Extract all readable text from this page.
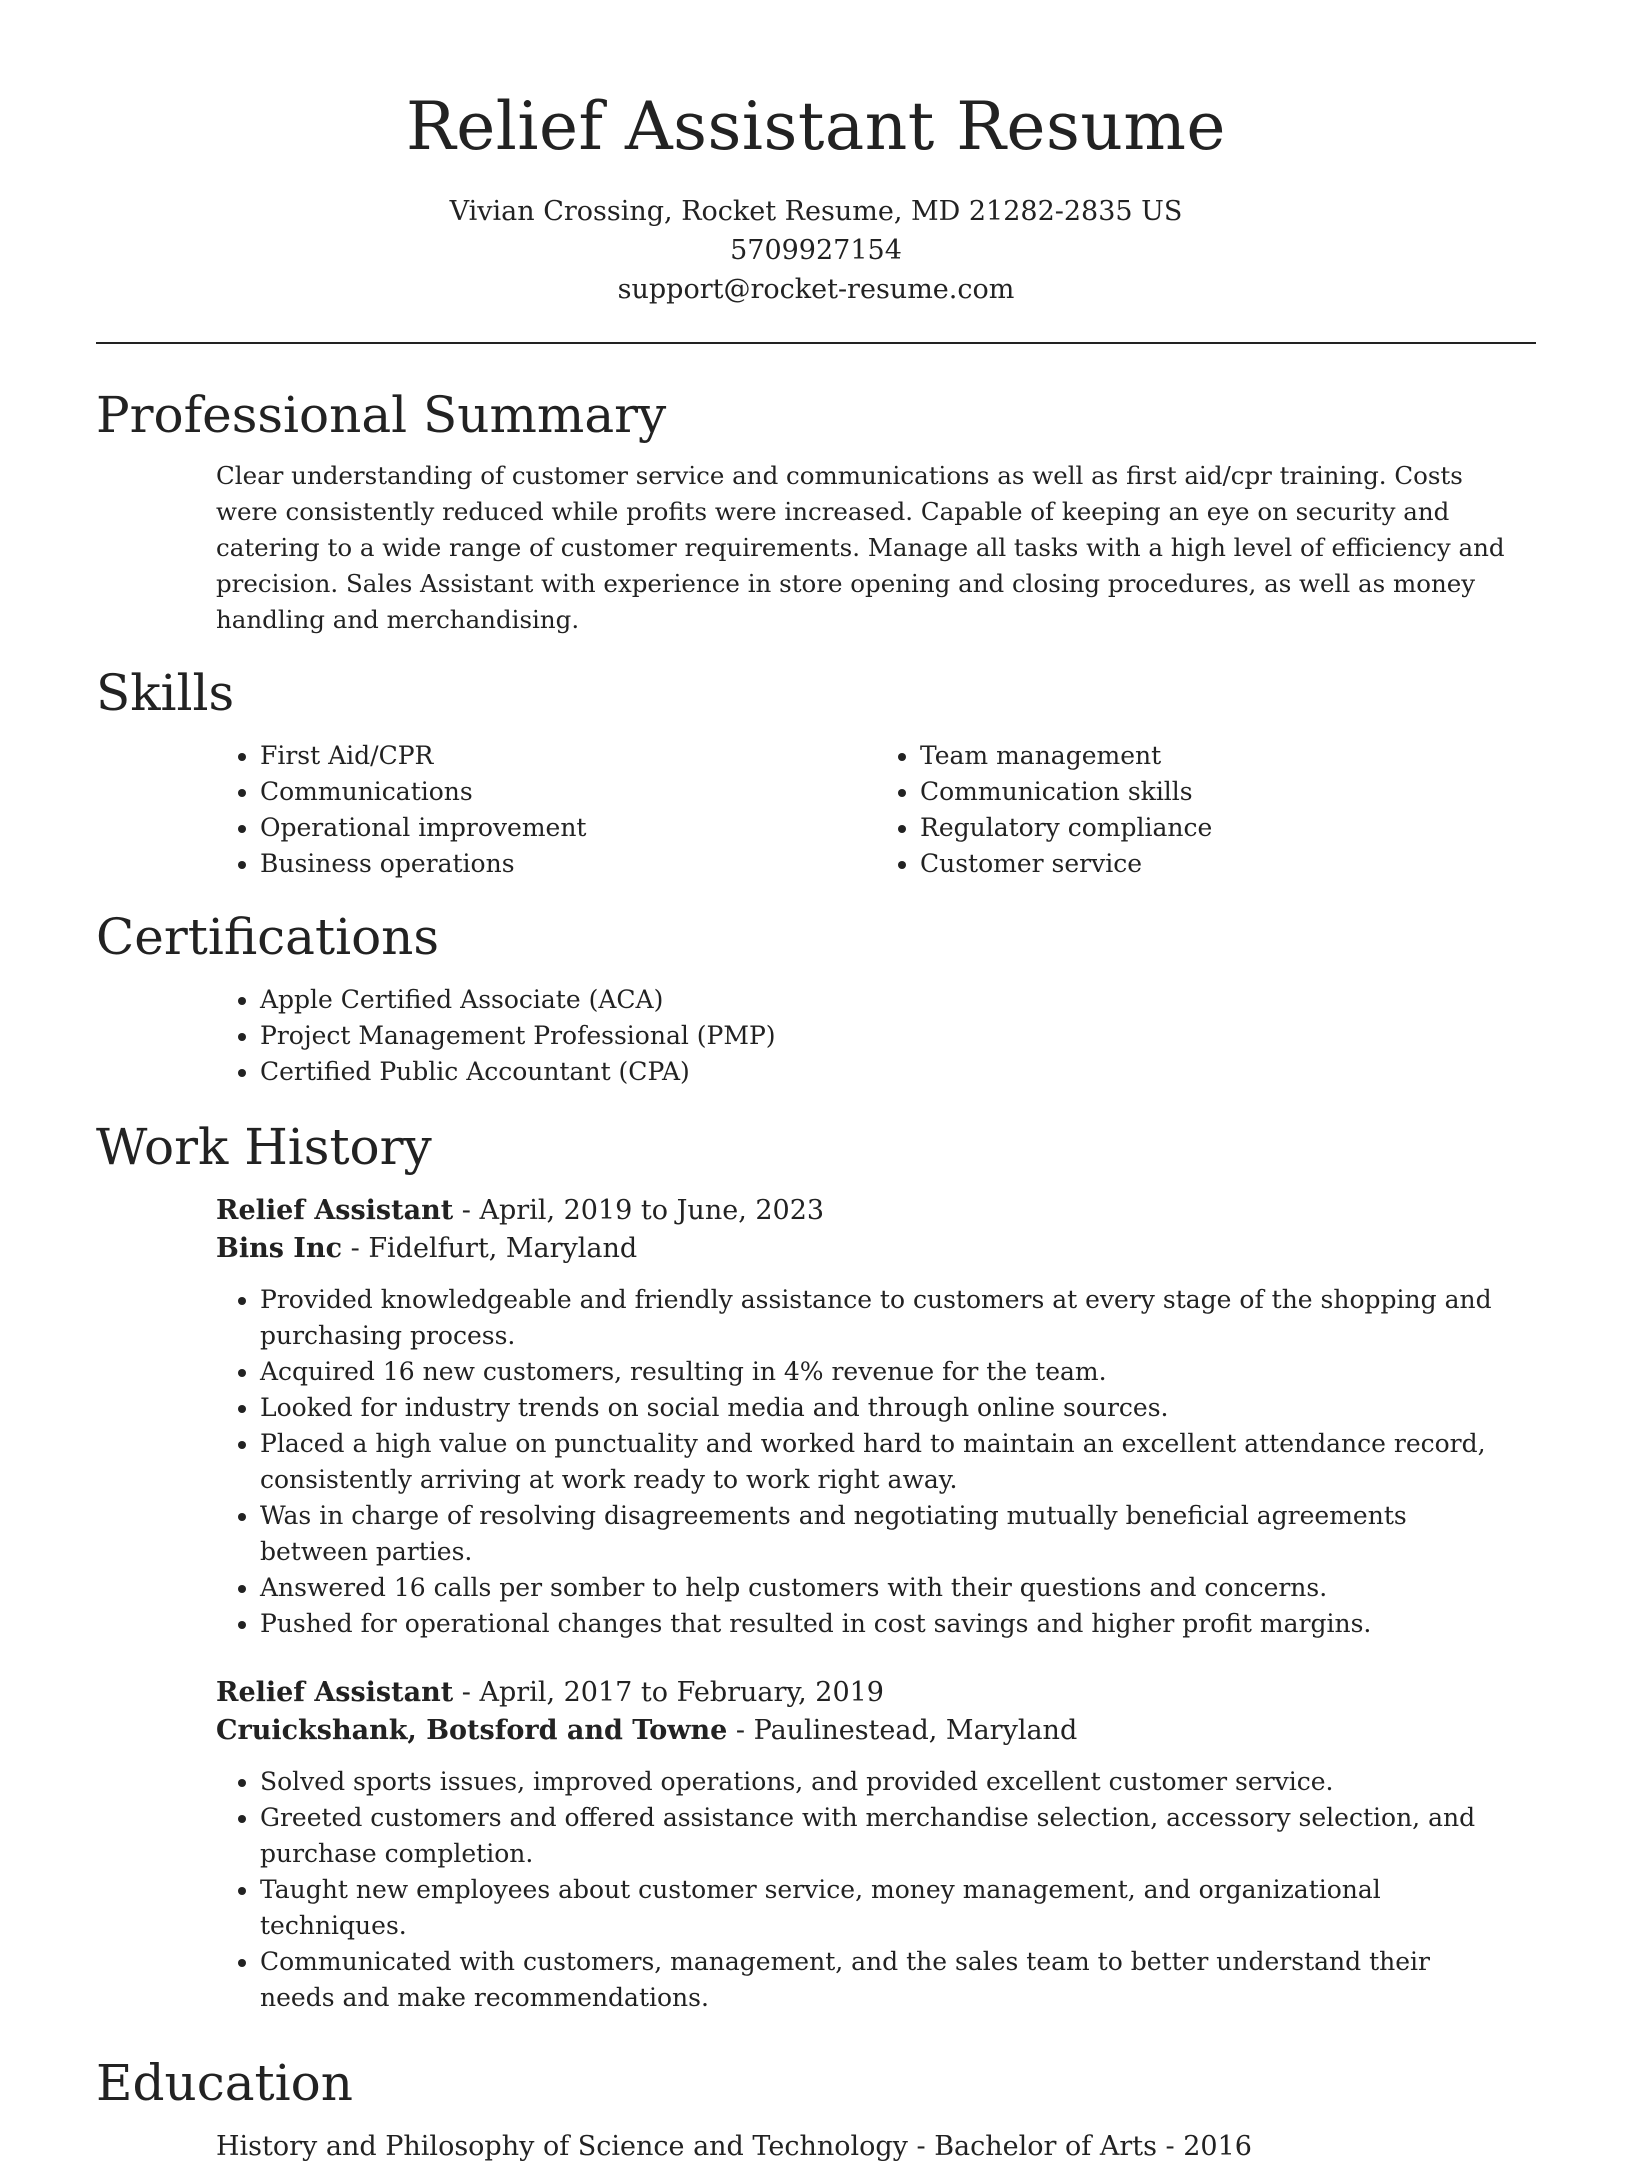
Relief Assistant Resume
Vivian Crossing, Rocket Resume, MD 21282-2835 US
5709927154
support@rocket-resume.com
Professional Summary

Clear understanding of customer service and communications as well as first aid/cpr training. Costs were consistently reduced while profits were increased. Capable of keeping an eye on security and catering to a wide range of customer requirements. Manage all tasks with a high level of efficiency and precision. Sales Assistant with experience in store opening and closing procedures, as well as money handling and merchandising.

Skills
• First Aid/CPR
• Communications
• Operational improvement
• Business operations
• Team management
• Communication skills
• Regulatory compliance
• Customer service
Certifications
• Apple Certified Associate (ACA)
• Project Management Professional (PMP)
• Certified Public Accountant (CPA)
Work History
Relief Assistant - April, 2019 to June, 2023
Bins Inc - Fidelfurt, Maryland
• Provided knowledgeable and friendly assistance to customers at every stage of the shopping and purchasing process.
• Acquired 16 new customers, resulting in 4% revenue for the team.
• Looked for industry trends on social media and through online sources.
• Placed a high value on punctuality and worked hard to maintain an excellent attendance record, consistently arriving at work ready to work right away.
• Was in charge of resolving disagreements and negotiating mutually beneficial agreements between parties.
• Answered 16 calls per somber to help customers with their questions and concerns.
• Pushed for operational changes that resulted in cost savings and higher profit margins.
Relief Assistant - April, 2017 to February, 2019
Cruickshank, Botsford and Towne - Paulinestead, Maryland
• Solved sports issues, improved operations, and provided excellent customer service.
• Greeted customers and offered assistance with merchandise selection, accessory selection, and purchase completion.
• Taught new employees about customer service, money management, and organizational techniques.
• Communicated with customers, management, and the sales team to better understand their needs and make recommendations.
Education
History and Philosophy of Science and Technology - Bachelor of Arts - 2016
